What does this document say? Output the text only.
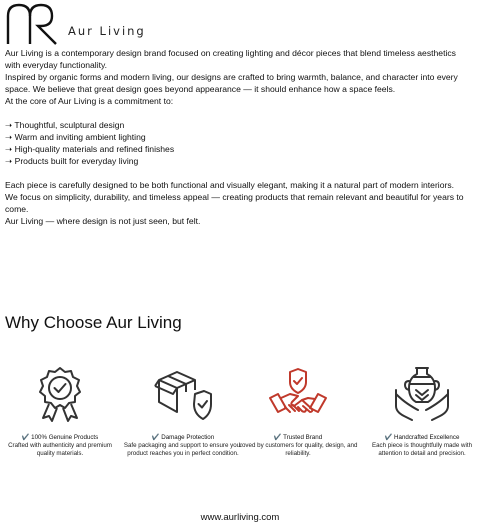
Aur Living

Aur Living is a contemporary design brand focused on creating lighting and décor pieces that blend timeless aesthetics with everyday functionality.

Inspired by organic forms and modern living, our designs are crafted to bring warmth, balance, and character into every space. We believe that great design goes beyond appearance — it should enhance how a space feels.

At the core of Aur Living is a commitment to:

➝ Thoughtful, sculptural design
➝ Warm and inviting ambient lighting
➝ High-quality materials and refined finishes
➝ Products built for everyday living

Each piece is carefully designed to be both functional and visually elegant, making it a natural part of modern interiors.

We focus on simplicity, durability, and timeless appeal — creating products that remain relevant and beautiful for years to come.

Aur Living — where design is not just seen, but felt.

Why Choose Aur Living
✔️ 100% Genuine Products
Crafted with authenticity and premium quality materials.
✔️ Damage Protection
Safe packaging and support to ensure your product reaches you in perfect condition.
✔️ Trusted Brand
Loved by customers for quality, design, and reliability.
✔️ Handcrafted Excellence
Each piece is thoughtfully made with attention to detail and precision.
www.aurliving.com
